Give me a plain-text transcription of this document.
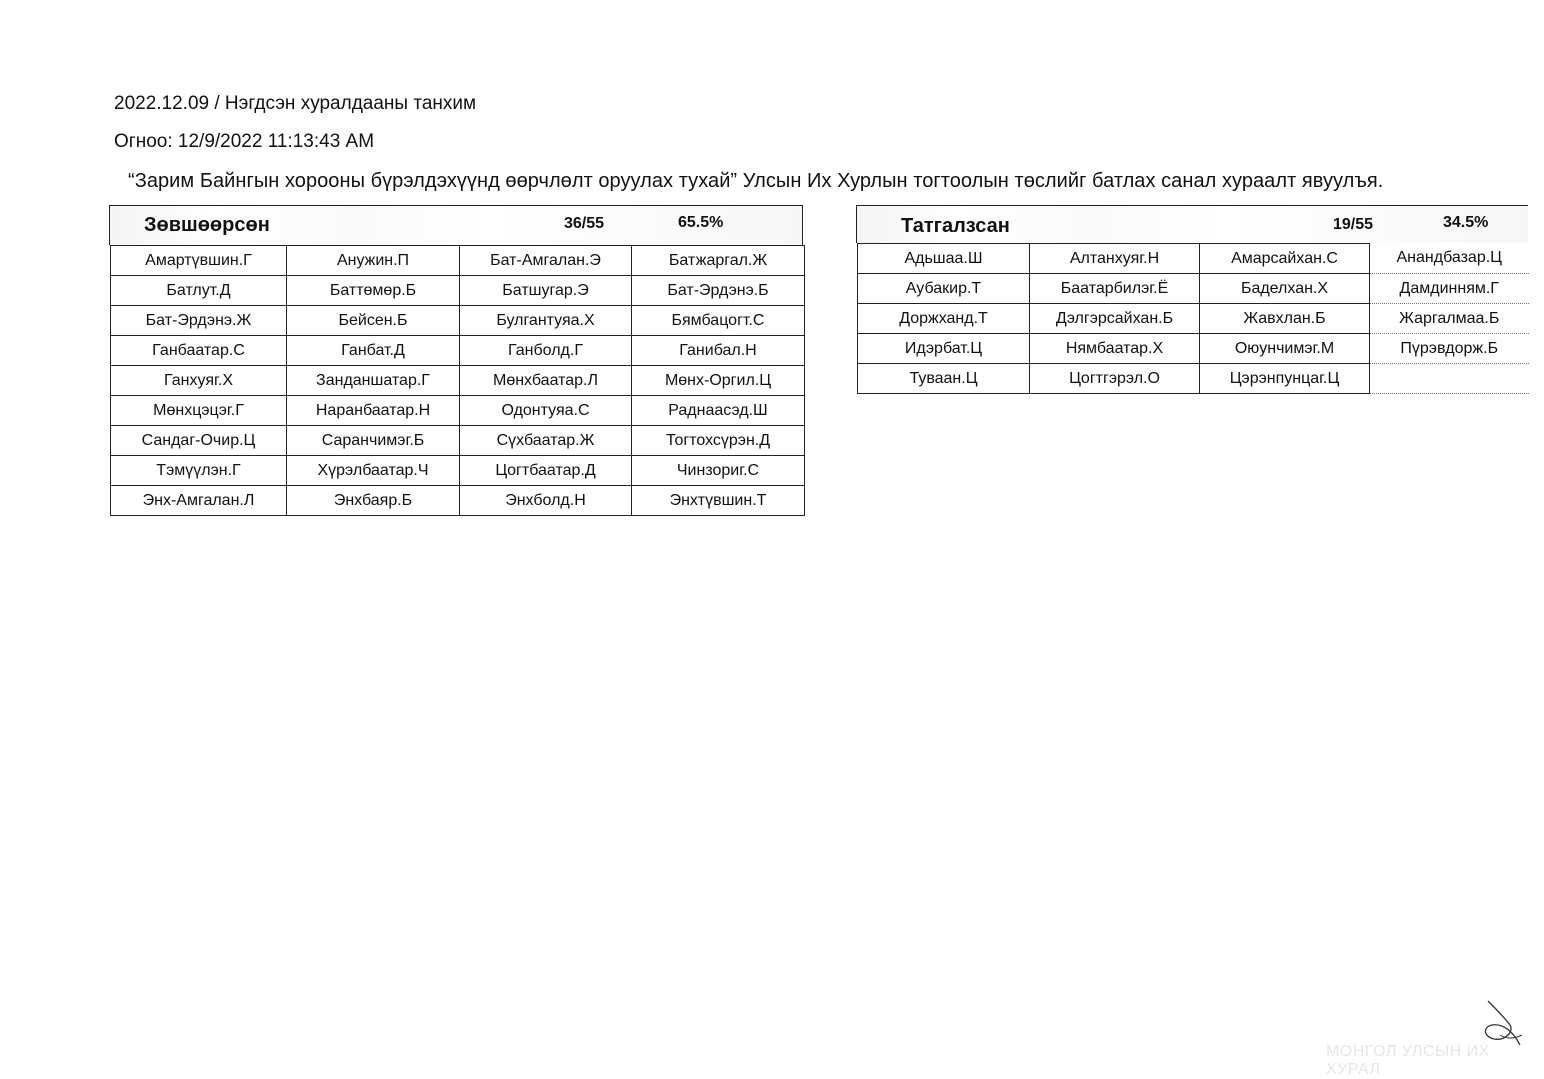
2022.12.09 / Нэгдсэн хуралдааны танхим
Огноо: 12/9/2022 11:13:43 AM
“Зарим Байнгын хорооны бүрэлдэхүүнд өөрчлөлт оруулах тухай” Улсын Их Хурлын тогтоолын төслийг батлах санал хураалт явуулъя.
Зөвшөөрсөн	36/55	65.5%
Амартүвшин.Г	Анужин.П	Бат-Амгалан.Э	Батжаргал.Ж
Батлут.Д	Баттөмөр.Б	Батшугар.Э	Бат-Эрдэнэ.Б
Бат-Эрдэнэ.Ж	Бейсен.Б	Булгантуяа.Х	Бямбацогт.С
Ганбаатар.С	Ганбат.Д	Ганболд.Г	Ганибал.Н
Ганхуяг.Х	Занданшатар.Г	Мөнхбаатар.Л	Мөнх-Оргил.Ц
Мөнхцэцэг.Г	Наранбаатар.Н	Одонтуяа.С	Раднаасэд.Ш
Сандаг-Очир.Ц	Саранчимэг.Б	Сүхбаатар.Ж	Тогтохсүрэн.Д
Тэмүүлэн.Г	Хүрэлбаатар.Ч	Цогтбаатар.Д	Чинзориг.С
Энх-Амгалан.Л	Энхбаяр.Б	Энхболд.Н	Энхтүвшин.Т
Татгалзсан	19/55	34.5%
Адьшаа.Ш	Алтанхуяг.Н	Амарсайхан.С	Анандбазар.Ц
Аубакир.Т	Баатарбилэг.Ё	Баделхан.Х	Дамдинням.Г
Доржханд.Т	Дэлгэрсайхан.Б	Жавхлан.Б	Жаргалмаа.Б
Идэрбат.Ц	Нямбаатар.Х	Оюунчимэг.М	Пүрэвдорж.Б
Туваан.Ц	Цогтгэрэл.О	Цэрэнпунцаг.Ц	
МОНГОЛ УЛСЫН ИХ ХУРАЛ
